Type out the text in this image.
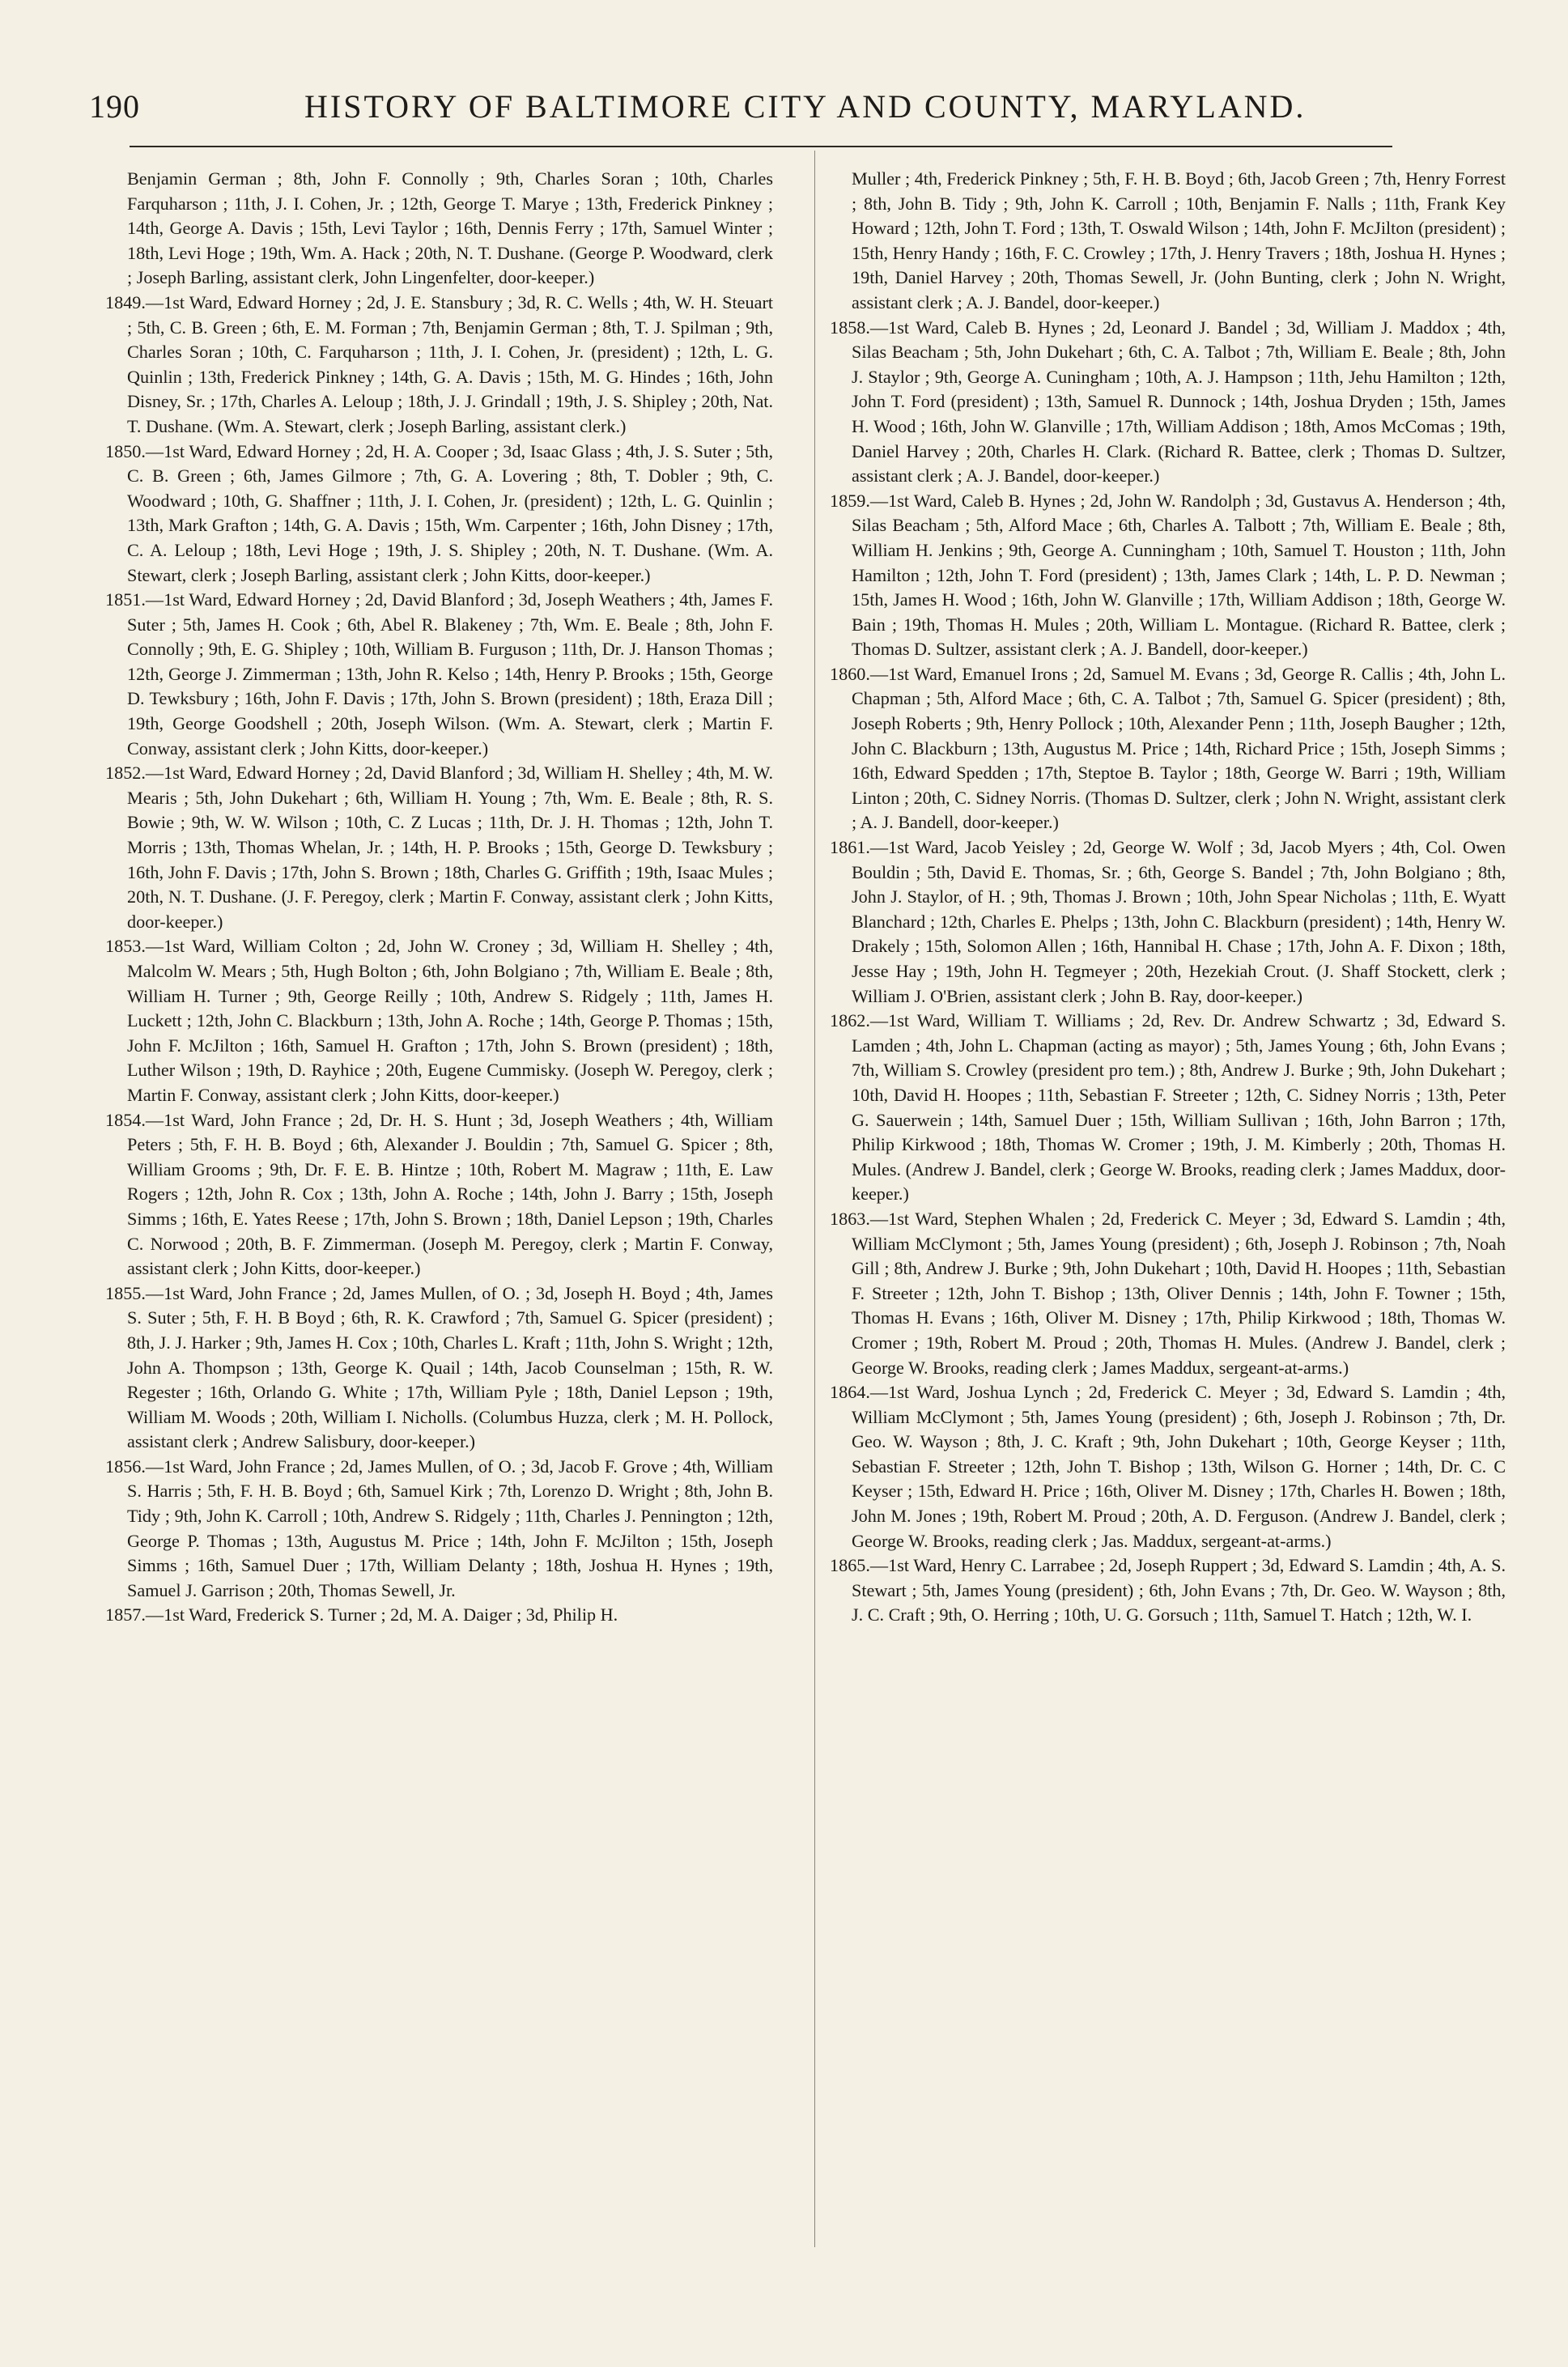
190	HISTORY OF BALTIMORE CITY AND COUNTY, MARYLAND.

Benjamin German ; 8th, John F. Connolly ; 9th, Charles Soran ; 10th, Charles Farquharson ; 11th, J. I. Cohen, Jr. ; 12th, George T. Marye ; 13th, Frederick Pinkney ; 14th, George A. Davis ; 15th, Levi Taylor ; 16th, Dennis Ferry ; 17th, Samuel Winter ; 18th, Levi Hoge ; 19th, Wm. A. Hack ; 20th, N. T. Dushane. (George P. Woodward, clerk ; Joseph Barling, assistant clerk, John Lingenfelter, door-keeper.)

1849.—1st Ward, Edward Horney ; 2d, J. E. Stansbury ; 3d, R. C. Wells ; 4th, W. H. Steuart ; 5th, C. B. Green ; 6th, E. M. Forman ; 7th, Benjamin German ; 8th, T. J. Spilman ; 9th, Charles Soran ; 10th, C. Farquharson ; 11th, J. I. Cohen, Jr. (president) ; 12th, L. G. Quinlin ; 13th, Frederick Pinkney ; 14th, G. A. Davis ; 15th, M. G. Hindes ; 16th, John Disney, Sr. ; 17th, Charles A. Leloup ; 18th, J. J. Grindall ; 19th, J. S. Shipley ; 20th, Nat. T. Dushane. (Wm. A. Stewart, clerk ; Joseph Barling, assistant clerk.)

1850.—1st Ward, Edward Horney ; 2d, H. A. Cooper ; 3d, Isaac Glass ; 4th, J. S. Suter ; 5th, C. B. Green ; 6th, James Gilmore ; 7th, G. A. Lovering ; 8th, T. Dobler ; 9th, C. Woodward ; 10th, G. Shaffner ; 11th, J. I. Cohen, Jr. (president) ; 12th, L. G. Quinlin ; 13th, Mark Grafton ; 14th, G. A. Davis ; 15th, Wm. Carpenter ; 16th, John Disney ; 17th, C. A. Leloup ; 18th, Levi Hoge ; 19th, J. S. Shipley ; 20th, N. T. Dushane. (Wm. A. Stewart, clerk ; Joseph Barling, assistant clerk ; John Kitts, door-keeper.)

1851.—1st Ward, Edward Horney ; 2d, David Blanford ; 3d, Joseph Weathers ; 4th, James F. Suter ; 5th, James H. Cook ; 6th, Abel R. Blakeney ; 7th, Wm. E. Beale ; 8th, John F. Connolly ; 9th, E. G. Shipley ; 10th, William B. Furguson ; 11th, Dr. J. Hanson Thomas ; 12th, George J. Zimmerman ; 13th, John R. Kelso ; 14th, Henry P. Brooks ; 15th, George D. Tewksbury ; 16th, John F. Davis ; 17th, John S. Brown (president) ; 18th, Eraza Dill ; 19th, George Goodshell ; 20th, Joseph Wilson. (Wm. A. Stewart, clerk ; Martin F. Conway, assistant clerk ; John Kitts, door-keeper.)

1852.—1st Ward, Edward Horney ; 2d, David Blanford ; 3d, William H. Shelley ; 4th, M. W. Mearis ; 5th, John Dukehart ; 6th, William H. Young ; 7th, Wm. E. Beale ; 8th, R. S. Bowie ; 9th, W. W. Wilson ; 10th, C. Z Lucas ; 11th, Dr. J. H. Thomas ; 12th, John T. Morris ; 13th, Thomas Whelan, Jr. ; 14th, H. P. Brooks ; 15th, George D. Tewksbury ; 16th, John F. Davis ; 17th, John S. Brown ; 18th, Charles G. Griffith ; 19th, Isaac Mules ; 20th, N. T. Dushane. (J. F. Peregoy, clerk ; Martin F. Conway, assistant clerk ; John Kitts, door-keeper.)

1853.—1st Ward, William Colton ; 2d, John W. Croney ; 3d, William H. Shelley ; 4th, Malcolm W. Mears ; 5th, Hugh Bolton ; 6th, John Bolgiano ; 7th, William E. Beale ; 8th, William H. Turner ; 9th, George Reilly ; 10th, Andrew S. Ridgely ; 11th, James H. Luckett ; 12th, John C. Blackburn ; 13th, John A. Roche ; 14th, George P. Thomas ; 15th, John F. McJilton ; 16th, Samuel H. Grafton ; 17th, John S. Brown (president) ; 18th, Luther Wilson ; 19th, D. Rayhice ; 20th, Eugene Cummisky. (Joseph W. Peregoy, clerk ; Martin F. Conway, assistant clerk ; John Kitts, door-keeper.)

1854.—1st Ward, John France ; 2d, Dr. H. S. Hunt ; 3d, Joseph Weathers ; 4th, William Peters ; 5th, F. H. B. Boyd ; 6th, Alexander J. Bouldin ; 7th, Samuel G. Spicer ; 8th, William Grooms ; 9th, Dr. F. E. B. Hintze ; 10th, Robert M. Magraw ; 11th, E. Law Rogers ; 12th, John R. Cox ; 13th, John A. Roche ; 14th, John J. Barry ; 15th, Joseph Simms ; 16th, E. Yates Reese ; 17th, John S. Brown ; 18th, Daniel Lepson ; 19th, Charles C. Norwood ; 20th, B. F. Zimmerman. (Joseph M. Peregoy, clerk ; Martin F. Conway, assistant clerk ; John Kitts, door-keeper.)

1855.—1st Ward, John France ; 2d, James Mullen, of O. ; 3d, Joseph H. Boyd ; 4th, James S. Suter ; 5th, F. H. B Boyd ; 6th, R. K. Crawford ; 7th, Samuel G. Spicer (president) ; 8th, J. J. Harker ; 9th, James H. Cox ; 10th, Charles L. Kraft ; 11th, John S. Wright ; 12th, John A. Thompson ; 13th, George K. Quail ; 14th, Jacob Counselman ; 15th, R. W. Regester ; 16th, Orlando G. White ; 17th, William Pyle ; 18th, Daniel Lepson ; 19th, William M. Woods ; 20th, William I. Nicholls. (Columbus Huzza, clerk ; M. H. Pollock, assistant clerk ; Andrew Salisbury, door-keeper.)

1856.—1st Ward, John France ; 2d, James Mullen, of O. ; 3d, Jacob F. Grove ; 4th, William S. Harris ; 5th, F. H. B. Boyd ; 6th, Samuel Kirk ; 7th, Lorenzo D. Wright ; 8th, John B. Tidy ; 9th, John K. Carroll ; 10th, Andrew S. Ridgely ; 11th, Charles J. Pennington ; 12th, George P. Thomas ; 13th, Augustus M. Price ; 14th, John F. McJilton ; 15th, Joseph Simms ; 16th, Samuel Duer ; 17th, William Delanty ; 18th, Joshua H. Hynes ; 19th, Samuel J. Garrison ; 20th, Thomas Sewell, Jr.

1857.—1st Ward, Frederick S. Turner ; 2d, M. A. Daiger ; 3d, Philip H.

Muller ; 4th, Frederick Pinkney ; 5th, F. H. B. Boyd ; 6th, Jacob Green ; 7th, Henry Forrest ; 8th, John B. Tidy ; 9th, John K. Carroll ; 10th, Benjamin F. Nalls ; 11th, Frank Key Howard ; 12th, John T. Ford ; 13th, T. Oswald Wilson ; 14th, John F. McJilton (president) ; 15th, Henry Handy ; 16th, F. C. Crowley ; 17th, J. Henry Travers ; 18th, Joshua H. Hynes ; 19th, Daniel Harvey ; 20th, Thomas Sewell, Jr. (John Bunting, clerk ; John N. Wright, assistant clerk ; A. J. Bandel, door-keeper.)

1858.—1st Ward, Caleb B. Hynes ; 2d, Leonard J. Bandel ; 3d, William J. Maddox ; 4th, Silas Beacham ; 5th, John Dukehart ; 6th, C. A. Talbot ; 7th, William E. Beale ; 8th, John J. Staylor ; 9th, George A. Cuningham ; 10th, A. J. Hampson ; 11th, Jehu Hamilton ; 12th, John T. Ford (president) ; 13th, Samuel R. Dunnock ; 14th, Joshua Dryden ; 15th, James H. Wood ; 16th, John W. Glanville ; 17th, William Addison ; 18th, Amos McComas ; 19th, Daniel Harvey ; 20th, Charles H. Clark. (Richard R. Battee, clerk ; Thomas D. Sultzer, assistant clerk ; A. J. Bandel, door-keeper.)

1859.—1st Ward, Caleb B. Hynes ; 2d, John W. Randolph ; 3d, Gustavus A. Henderson ; 4th, Silas Beacham ; 5th, Alford Mace ; 6th, Charles A. Talbott ; 7th, William E. Beale ; 8th, William H. Jenkins ; 9th, George A. Cunningham ; 10th, Samuel T. Houston ; 11th, John Hamilton ; 12th, John T. Ford (president) ; 13th, James Clark ; 14th, L. P. D. Newman ; 15th, James H. Wood ; 16th, John W. Glanville ; 17th, William Addison ; 18th, George W. Bain ; 19th, Thomas H. Mules ; 20th, William L. Montague. (Richard R. Battee, clerk ; Thomas D. Sultzer, assistant clerk ; A. J. Bandell, door-keeper.)

1860.—1st Ward, Emanuel Irons ; 2d, Samuel M. Evans ; 3d, George R. Callis ; 4th, John L. Chapman ; 5th, Alford Mace ; 6th, C. A. Talbot ; 7th, Samuel G. Spicer (president) ; 8th, Joseph Roberts ; 9th, Henry Pollock ; 10th, Alexander Penn ; 11th, Joseph Baugher ; 12th, John C. Blackburn ; 13th, Augustus M. Price ; 14th, Richard Price ; 15th, Joseph Simms ; 16th, Edward Spedden ; 17th, Steptoe B. Taylor ; 18th, George W. Barri ; 19th, William Linton ; 20th, C. Sidney Norris. (Thomas D. Sultzer, clerk ; John N. Wright, assistant clerk ; A. J. Bandell, door-keeper.)

1861.—1st Ward, Jacob Yeisley ; 2d, George W. Wolf ; 3d, Jacob Myers ; 4th, Col. Owen Bouldin ; 5th, David E. Thomas, Sr. ; 6th, George S. Bandel ; 7th, John Bolgiano ; 8th, John J. Staylor, of H. ; 9th, Thomas J. Brown ; 10th, John Spear Nicholas ; 11th, E. Wyatt Blanchard ; 12th, Charles E. Phelps ; 13th, John C. Blackburn (president) ; 14th, Henry W. Drakely ; 15th, Solomon Allen ; 16th, Hannibal H. Chase ; 17th, John A. F. Dixon ; 18th, Jesse Hay ; 19th, John H. Tegmeyer ; 20th, Hezekiah Crout. (J. Shaff Stockett, clerk ; William J. O'Brien, assistant clerk ; John B. Ray, door-keeper.)

1862.—1st Ward, William T. Williams ; 2d, Rev. Dr. Andrew Schwartz ; 3d, Edward S. Lamden ; 4th, John L. Chapman (acting as mayor) ; 5th, James Young ; 6th, John Evans ; 7th, William S. Crowley (president pro tem.) ; 8th, Andrew J. Burke ; 9th, John Dukehart ; 10th, David H. Hoopes ; 11th, Sebastian F. Streeter ; 12th, C. Sidney Norris ; 13th, Peter G. Sauerwein ; 14th, Samuel Duer ; 15th, William Sullivan ; 16th, John Barron ; 17th, Philip Kirkwood ; 18th, Thomas W. Cromer ; 19th, J. M. Kimberly ; 20th, Thomas H. Mules. (Andrew J. Bandel, clerk ; George W. Brooks, reading clerk ; James Maddux, door-keeper.)

1863.—1st Ward, Stephen Whalen ; 2d, Frederick C. Meyer ; 3d, Edward S. Lamdin ; 4th, William McClymont ; 5th, James Young (president) ; 6th, Joseph J. Robinson ; 7th, Noah Gill ; 8th, Andrew J. Burke ; 9th, John Dukehart ; 10th, David H. Hoopes ; 11th, Sebastian F. Streeter ; 12th, John T. Bishop ; 13th, Oliver Dennis ; 14th, John F. Towner ; 15th, Thomas H. Evans ; 16th, Oliver M. Disney ; 17th, Philip Kirkwood ; 18th, Thomas W. Cromer ; 19th, Robert M. Proud ; 20th, Thomas H. Mules. (Andrew J. Bandel, clerk ; George W. Brooks, reading clerk ; James Maddux, sergeant-at-arms.)

1864.—1st Ward, Joshua Lynch ; 2d, Frederick C. Meyer ; 3d, Edward S. Lamdin ; 4th, William McClymont ; 5th, James Young (president) ; 6th, Joseph J. Robinson ; 7th, Dr. Geo. W. Wayson ; 8th, J. C. Kraft ; 9th, John Dukehart ; 10th, George Keyser ; 11th, Sebastian F. Streeter ; 12th, John T. Bishop ; 13th, Wilson G. Horner ; 14th, Dr. C. C Keyser ; 15th, Edward H. Price ; 16th, Oliver M. Disney ; 17th, Charles H. Bowen ; 18th, John M. Jones ; 19th, Robert M. Proud ; 20th, A. D. Ferguson. (Andrew J. Bandel, clerk ; George W. Brooks, reading clerk ; Jas. Maddux, sergeant-at-arms.)

1865.—1st Ward, Henry C. Larrabee ; 2d, Joseph Ruppert ; 3d, Edward S. Lamdin ; 4th, A. S. Stewart ; 5th, James Young (president) ; 6th, John Evans ; 7th, Dr. Geo. W. Wayson ; 8th, J. C. Craft ; 9th, O. Herring ; 10th, U. G. Gorsuch ; 11th, Samuel T. Hatch ; 12th, W. I.
